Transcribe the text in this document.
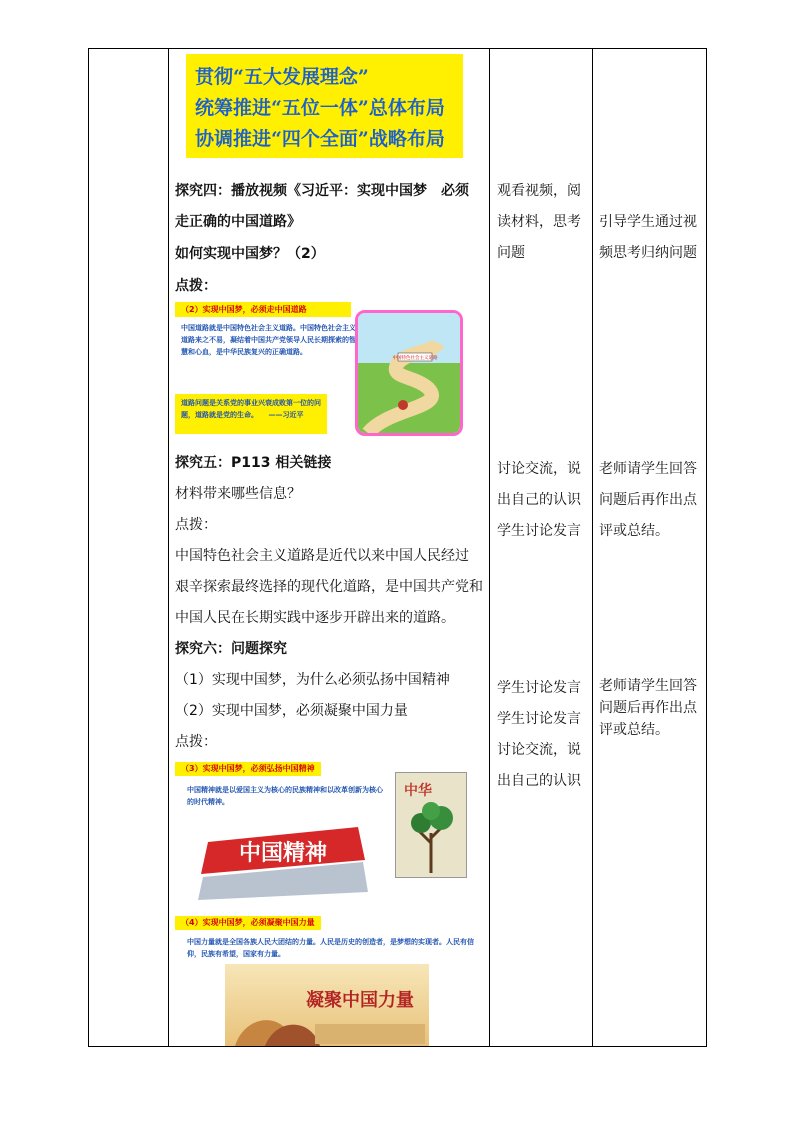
贯彻“五大发展理念”
统筹推进“五位一体”总体布局
协调推进“四个全面”战略布局
探究四：播放视频《习近平：实现中国梦　必须
走正确的中国道路》
如何实现中国梦？（2）
点拨：
（2）实现中国梦，必须走中国道路
中国道路就是中国特色社会主义道路。中国特色社会主义道路来之不易，凝结着中国共产党领导人民长期探索的智慧和心血，是中华民族复兴的正确道路。
道路问题是关系党的事业兴衰成败第一位的问题，道路就是党的生命。　　——习近平
中国特色社会主义道路
观看视频，阅
读材料，思考
问题
引导学生通过视
频思考归纳问题
探究五：P113 相关链接
材料带来哪些信息？
点拨：
中国特色社会主义道路是近代以来中国人民经过
艰辛探索最终选择的现代化道路，是中国共产党和
中国人民在长期实践中逐步开辟出来的道路。
讨论交流，说
出自己的认识
学生讨论发言
老师请学生回答
问题后再作出点
评或总结。
探究六：问题探究
（1）实现中国梦，为什么必须弘扬中国精神
（2）实现中国梦，必须凝聚中国力量
点拨：
（3）实现中国梦，必须弘扬中国精神
中国精神就是以爱国主义为核心的民族精神和以改革创新为核心的时代精神。
中国精神
中华
（4）实现中国梦，必须凝聚中国力量
中国力量就是全国各族人民大团结的力量。人民是历史的创造者，是梦想的实现者。人民有信仰，民族有希望，国家有力量。
凝聚中国力量
学生讨论发言
学生讨论发言
讨论交流，说
出自己的认识
老师请学生回答
问题后再作出点
评或总结。
